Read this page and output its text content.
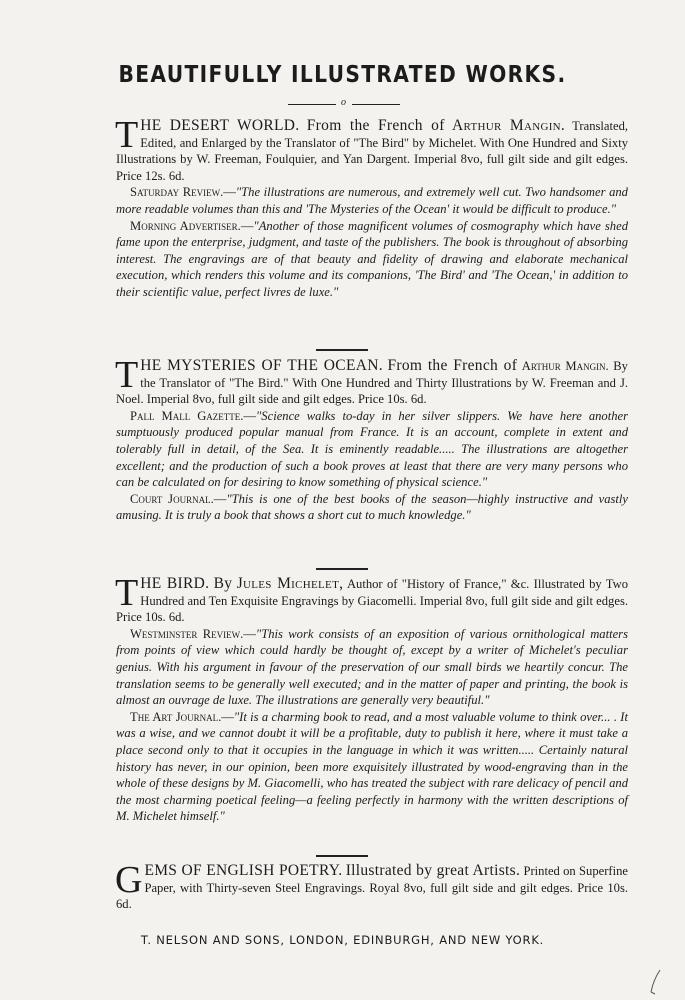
BEAUTIFULLY ILLUSTRATED WORKS.
o

THE DESERT WORLD. From the French of Arthur Mangin. Translated, Edited, and Enlarged by the Translator of "The Bird" by Michelet. With One Hundred and Sixty Illustrations by W. Freeman, Foulquier, and Yan Dargent. Imperial 8vo, full gilt side and gilt edges. Price 12s. 6d.

Saturday Review.—"The illustrations are numerous, and extremely well cut. Two handsomer and more readable volumes than this and 'The Mysteries of the Ocean' it would be difficult to produce."

Morning Advertiser.—"Another of those magnificent volumes of cosmography which have shed fame upon the enterprise, judgment, and taste of the publishers. The book is throughout of absorbing interest. The engravings are of that beauty and fidelity of drawing and elaborate mechanical execution, which renders this volume and its companions, 'The Bird' and 'The Ocean,' in addition to their scientific value, perfect livres de luxe."

THE MYSTERIES OF THE OCEAN. From the French of Arthur Mangin. By the Translator of "The Bird." With One Hundred and Thirty Illustrations by W. Freeman and J. Noel. Imperial 8vo, full gilt side and gilt edges. Price 10s. 6d.

Pall Mall Gazette.—"Science walks to-day in her silver slippers. We have here another sumptuously produced popular manual from France. It is an account, complete in extent and tolerably full in detail, of the Sea. It is eminently readable..... The illustrations are altogether excellent; and the production of such a book proves at least that there are very many persons who can be calculated on for desiring to know something of physical science."

Court Journal.—"This is one of the best books of the season—highly instructive and vastly amusing. It is truly a book that shows a short cut to much knowledge."

THE BIRD. By Jules Michelet, Author of "History of France," &c. Illustrated by Two Hundred and Ten Exquisite Engravings by Giacomelli. Imperial 8vo, full gilt side and gilt edges. Price 10s. 6d.

Westminster Review.—"This work consists of an exposition of various ornithological matters from points of view which could hardly be thought of, except by a writer of Michelet's peculiar genius. With his argument in favour of the preservation of our small birds we heartily concur. The translation seems to be generally well executed; and in the matter of paper and printing, the book is almost an ouvrage de luxe. The illustrations are generally very beautiful."

The Art Journal.—"It is a charming book to read, and a most valuable volume to think over... . It was a wise, and we cannot doubt it will be a profitable, duty to publish it here, where it must take a place second only to that it occupies in the language in which it was written..... Certainly natural history has never, in our opinion, been more exquisitely illustrated by wood-engraving than in the whole of these designs by M. Giacomelli, who has treated the subject with rare delicacy of pencil and the most charming poetical feeling—a feeling perfectly in harmony with the written descriptions of M. Michelet himself."

GEMS OF ENGLISH POETRY. Illustrated by great Artists. Printed on Superfine Paper, with Thirty-seven Steel Engravings. Royal 8vo, full gilt side and gilt edges. Price 10s. 6d.

T. NELSON AND SONS, LONDON, EDINBURGH, AND NEW YORK.
